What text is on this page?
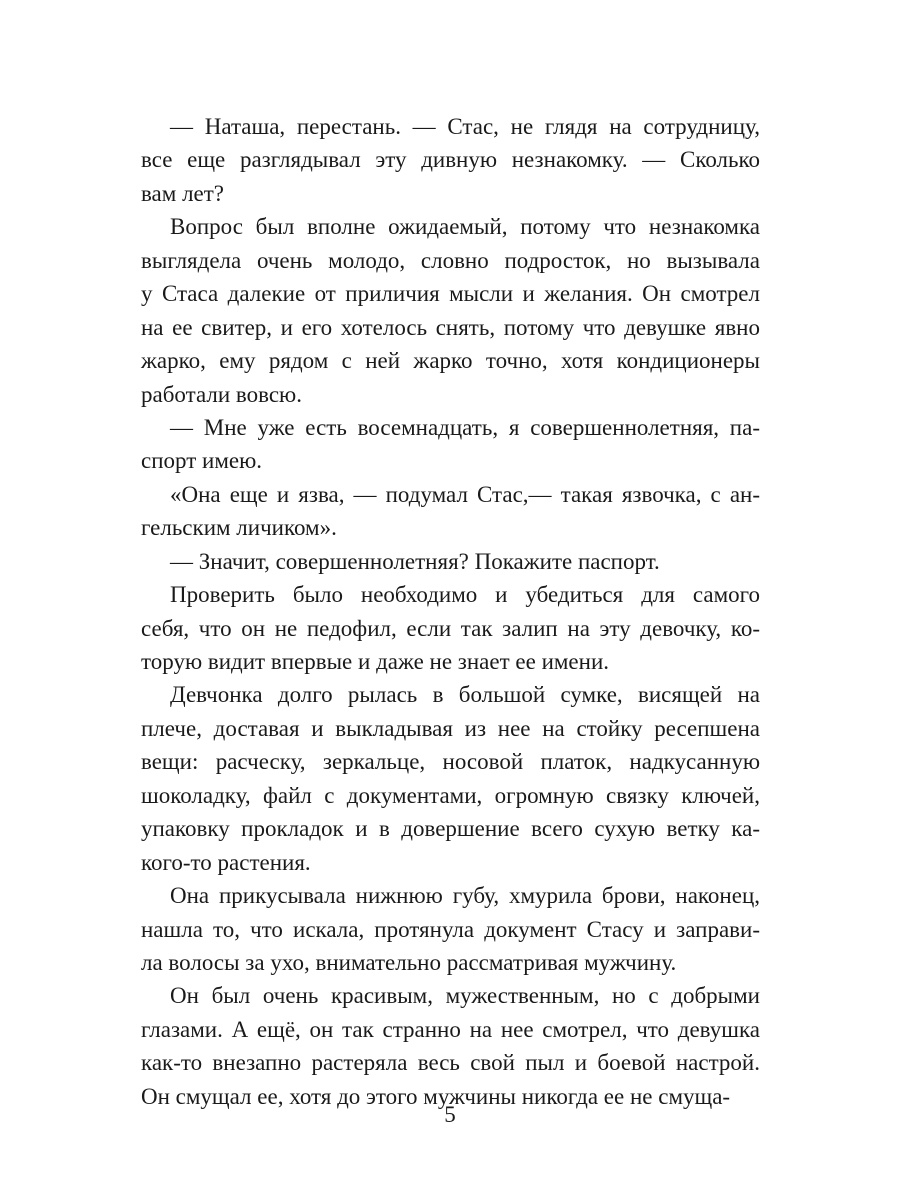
— Наташа, перестань. — Стас, не глядя на сотрудницу,
все еще разглядывал эту дивную незнакомку. — Сколько
вам лет?
Вопрос был вполне ожидаемый, потому что незнакомка
выглядела очень молодо, словно подросток, но вызывала
у Стаса далекие от приличия мысли и желания. Он смотрел
на ее свитер, и его хотелось снять, потому что девушке явно
жарко, ему рядом с ней жарко точно, хотя кондиционеры
работали вовсю.
— Мне уже есть восемнадцать, я совершеннолетняя, па-
спорт имею.
«Она еще и язва, — подумал Стас,— такая язвочка, с ан-
гельским личиком».
— Значит, совершеннолетняя? Покажите паспорт.
Проверить было необходимо и убедиться для самого
себя, что он не педофил, если так залип на эту девочку, ко-
торую видит впервые и даже не знает ее имени.
Девчонка долго рылась в большой сумке, висящей на
плече, доставая и выкладывая из нее на стойку ресепшена
вещи: расческу, зеркальце, носовой платок, надкусанную
шоколадку, файл с документами, огромную связку ключей,
упаковку прокладок и в довершение всего сухую ветку ка-
кого-то растения.
Она прикусывала нижнюю губу, хмурила брови, наконец,
нашла то, что искала, протянула документ Стасу и заправи-
ла волосы за ухо, внимательно рассматривая мужчину.
Он был очень красивым, мужественным, но с добрыми
глазами. А ещё, он так странно на нее смотрел, что девушка
как-то внезапно растеряла весь свой пыл и боевой настрой.
Он смущал ее, хотя до этого мужчины никогда ее не смуща-
5
